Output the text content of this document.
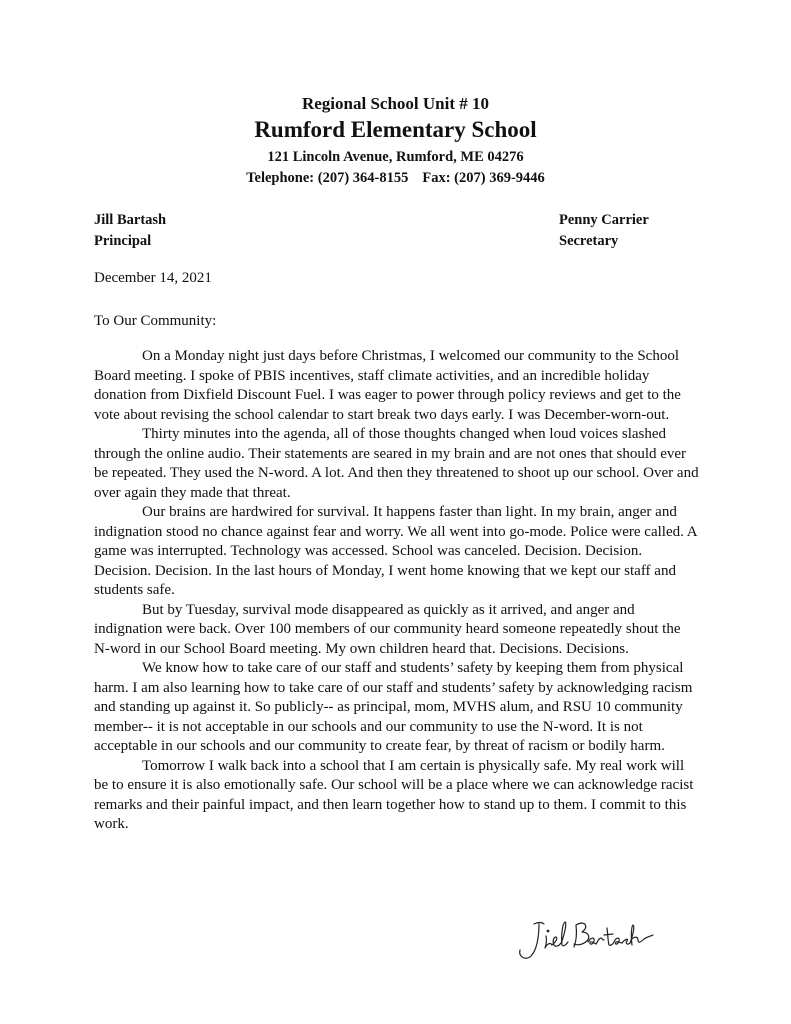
Regional School Unit # 10
Rumford Elementary School
121 Lincoln Avenue, Rumford, ME 04276
Telephone: (207) 364-8155 Fax: (207) 369-9446
Jill Bartash
Principal
Penny Carrier
Secretary
December 14, 2021
To Our Community:

On a Monday night just days before Christmas, I welcomed our community to the School Board meeting. I spoke of PBIS incentives, staff climate activities, and an incredible holiday donation from Dixfield Discount Fuel. I was eager to power through policy reviews and get to the vote about revising the school calendar to start break two days early. I was December-worn-out.

Thirty minutes into the agenda, all of those thoughts changed when loud voices slashed through the online audio. Their statements are seared in my brain and are not ones that should ever be repeated. They used the N-word. A lot. And then they threatened to shoot up our school. Over and over again they made that threat.

Our brains are hardwired for survival. It happens faster than light. In my brain, anger and indignation stood no chance against fear and worry. We all went into go-mode. Police were called. A game was interrupted. Technology was accessed. School was canceled. Decision. Decision. Decision. Decision. In the last hours of Monday, I went home knowing that we kept our staff and students safe.

But by Tuesday, survival mode disappeared as quickly as it arrived, and anger and indignation were back. Over 100 members of our community heard someone repeatedly shout the N-word in our School Board meeting. My own children heard that. Decisions. Decisions.

We know how to take care of our staff and students’ safety by keeping them from physical harm. I am also learning how to take care of our staff and students’ safety by acknowledging racism and standing up against it. So publicly-- as principal, mom, MVHS alum, and RSU 10 community member-- it is not acceptable in our schools and our community to use the N-word. It is not acceptable in our schools and our community to create fear, by threat of racism or bodily harm.

Tomorrow I walk back into a school that I am certain is physically safe. My real work will be to ensure it is also emotionally safe. Our school will be a place where we can acknowledge racist remarks and their painful impact, and then learn together how to stand up to them. I commit to this work.
